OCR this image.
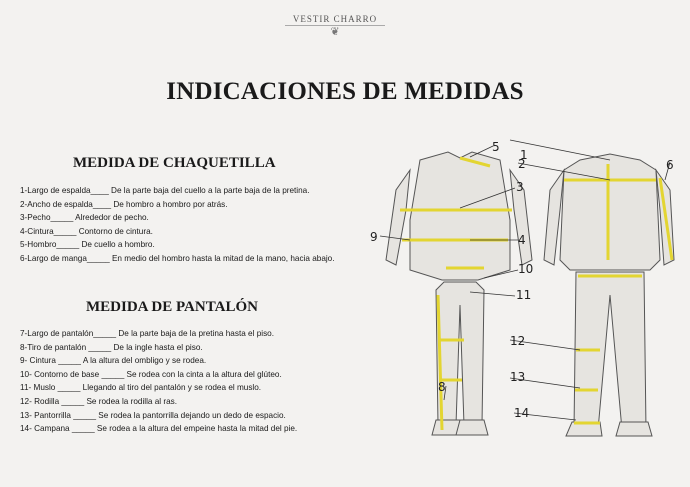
VESTIR CHARRO
❦
INDICACIONES DE MEDIDAS
MEDIDA DE CHAQUETILLA
1-Largo de espalda____ De la parte baja del cuello a la parte baja de la pretina.
2-Ancho de espalda____ De hombro a hombro por atrás.
3-Pecho_____ Alrededor de pecho.
4-Cintura_____ Contorno de cintura.
5-Hombro_____ De cuello a hombro.
6-Largo de manga_____ En medio del hombro hasta la mitad de la mano, hacia abajo.
MEDIDA DE PANTALÓN
7-Largo de pantalón_____ De la parte baja de la pretina hasta el piso.
8-Tiro de pantalón _____ De la ingle hasta el piso.
9- Cintura _____ A la altura del ombligo y se rodea.
10- Contorno de base _____ Se rodea con la cinta a la altura del glúteo.
11- Muslo _____ Llegando al tiro del pantalón y se rodea el muslo.
12- Rodilla _____ Se rodea la rodilla al ras.
13- Pantorrilla _____ Se rodea la pantorrilla dejando un dedo de espacio.
14- Campana _____ Se rodea a la altura del empeine hasta la mitad del pie.
1
2
3
4
5
6
8
9
10
11
12
13
14
